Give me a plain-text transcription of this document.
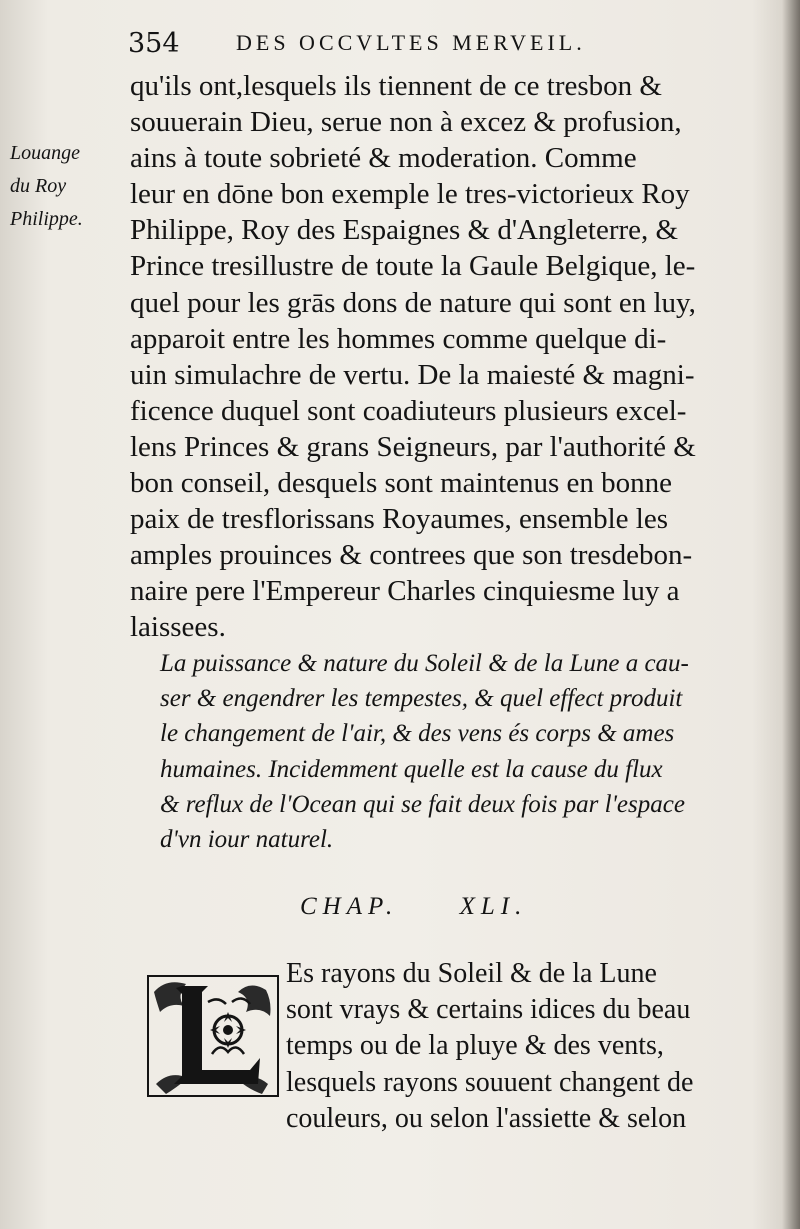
354	DES OCCVLTES MERVEIL.
Louange
du Roy
Philippe.
qu'ils ont,lesquels ils tiennent de ce tresbon &
souuerain Dieu, serue non à excez & profusion,
ains à toute sobrieté & moderation. Comme
leur en dōne bon exemple le tres-victorieux Roy
Philippe, Roy des Espaignes & d'Angleterre, &
Prince tresillustre de toute la Gaule Belgique, le-
quel pour les grās dons de nature qui sont en luy,
apparoit entre les hommes comme quelque di-
uin simulachre de vertu. De la maiesté & magni-
ficence duquel sont coadiuteurs plusieurs excel-
lens Princes & grans Seigneurs, par l'authorité &
bon conseil, desquels sont maintenus en bonne
paix de tresflorissans Royaumes, ensemble les
amples prouinces & contrees que son tresdebon-
naire pere l'Empereur Charles cinquiesme luy a
laissees.
La puissance & nature du Soleil & de la Lune a cau-
ser & engendrer les tempestes, & quel effect produit
le changement de l'air, & des vens és corps & ames
humaines. Incidemment quelle est la cause du flux
& reflux de l'Ocean qui se fait deux fois par l'espace
d'vn iour naturel.
CHAP. XLI.
Es rayons du Soleil & de la Lune
sont vrays & certains idices du beau
temps ou de la pluye & des vents,
lesquels rayons souuent changent de
couleurs, ou selon l'assiette & selon
